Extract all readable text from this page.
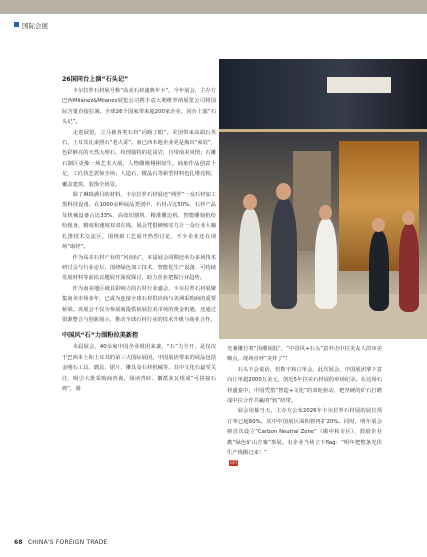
国际会展
26国同台上演“石头记”

卡尔拉罗石材展号称“高美石材盛典年卡”。今年展会，主办方巴西Milanez&Milanez展览公司携手意大利维罗纳展览公司将国际含量直接拉满。全球26个国家带来超200家企业，同台上演“石头记”。

走进展馆，立马被各类石材“闪瞎了眼”。美国带来高端石英石，土耳其比来照石“老大哥”。而已西本地企业更是掏出“家底”，色彩鲜亮的天然大理石、纹理独特的花岗岩，自带南美风情；石雕石制区更像一场艺术大展，人物雕像栩栩如生，抽象作品创意十足，工匠技艺震惊全场；人造石、微晶石等新型材料也扎堆亮相，覆盖建筑、装饰全场景。

除了琳琅满目的材料，卡尔拉罗石材展还“网罗”一众石材加工黑科技设备。在1000余种展品类别中，石材占比50%，石材产品及机械设备占比33%，高效切割机、精准雕边机、智能雕刻机纷纷现身，精度和速度双双在线。展会凭借硬核实力让一众行业大咖扎推技术交流区，围绕新工艺展开热烈讨论，不少企业还在现场“取经”。

作为高美石材产业的“风向标”，本届展会同期还举办多场技术研讨会与行业论坛，围绕绿色加工技术、智能化生产设备、可持续发展材料等前沿议题展开深度探讨，助力企业把握行业趋势。

作为南美地区极具影响力的石材行业盛会，卡尔拉罗石材展聚集南美市场多年，已成为连接全球石材供应商与美洲采购商的重要桥梁。该展会不仅为参展商提供拓展拉美市场的黄金机遇，还通过资源整合与创新展示，推动全球石材行业的技术升级与商业合作。

中国风“石”力围粉拉美新控

本届展会，40余家中国企业组团来袭，“石”力全开，是仅次于巴西本土和土耳其的第三大国际展团。中国展团带来的展品包括金刚石工具、磨具、锯片、雕具及石材机械等，其中文化石最受关注，吸引大批采购商咨询。阅读青砖、徽派灰瓦组成“可拼接石画”，屡

光兼雕打着“国潮胡混”，“中国风+石头”意外击中拉美友人的审美嗨点，现场直呼“美炸了”！

石头不会说话，但数字和订单会。此次展会，中国展团拿下意向订单超2000万美元，创近5年拉美石材展的单场纪录。在这场石材盛宴中，中国凭借“智造+文化”的双轮驱动，把坚硬的矿石打磨成中拉合作共赢的“软”纽带。

展会闭幕当天，主办方公布2026年卡尔拉罗石材展的展位预订率已超60%，其中中国展区面积将再扩20%。同时，明年展会将首次设立“Carbon Neutral Zone”（碳中和专区），鼓励企业携“绿色矿山方案”参展。有企业当场立下flag：“明年把整条光伏生产线搬过来！”

CFT
68 CHINA'S FOREIGN TRADE
